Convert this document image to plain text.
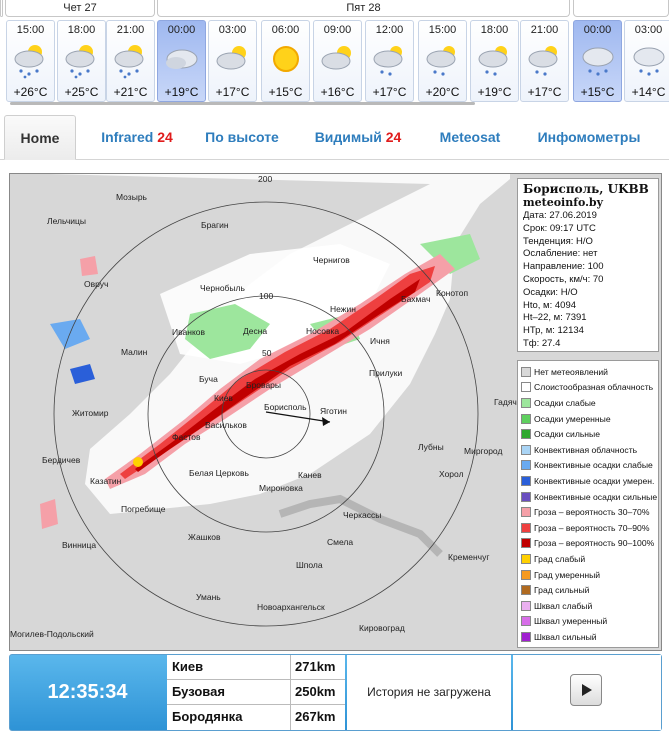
Чет 27	Пят 28
15:00
+26°C
18:00
+25°C
21:00
+21°C
00:00
+19°C
03:00
+17°C
06:00
+15°C
09:00
+16°C
12:00
+17°C
15:00
+20°C
18:00
+19°C
21:00
+17°C
00:00
+15°C
03:00
+14°C
Home	Infrared 24	По высоте	Видимый 24	Meteosat	Инфомометры
200
100
50
Мозырь
Лельчицы	Брагин
Чернигов
Овруч	Чернобыль
Бахмач
Нежин
Конотоп
Иванков	Десна	Носовка
Ичня
Малин
Буча
Бровары
Прилуки
Житомир
Киев
Борисполь Яготин
Гадяч
Васильков
Фастов
Лубны
Бердичев
Белая Церковь
Миргород
Казатин
Канев	Хорол
Мироновка
Погребище
Черкассы
Винница
Жашков	Смела
Кременчуг
Шпола
Умань
Новоархангельск
Кировоград
Могилев-Подольский
Борисполь, UKBB
meteoinfo.by
Дата: 27.06.2019
Срок: 09:17 UTC
Тенденция: Н/О
Ослабление: нет
Направление: 100
Скорость, км/ч: 70
Осадки: Н/О
Hto, м: 4094
Ht–22, м: 7391
НТр, м: 12134
Тф: 27.4
Нет метеоявлений
Слоистообразная облачность
Осадки слабые
Осадки умеренные
Осадки сильные
Конвективная облачность
Конвективные осадки слабые
Конвективные осадки умерен.
Конвективные осадки сильные
Гроза – вероятность 30–70%
Гроза – вероятность 70–90%
Гроза – вероятность 90–100%
Град слабый
Град умеренный
Град сильный
Шквал слабый
Шквал умеренный
Шквал сильный
12:35:34
Киев	271km
Бузовая	250km
Бородянка	267km
История не загружена
